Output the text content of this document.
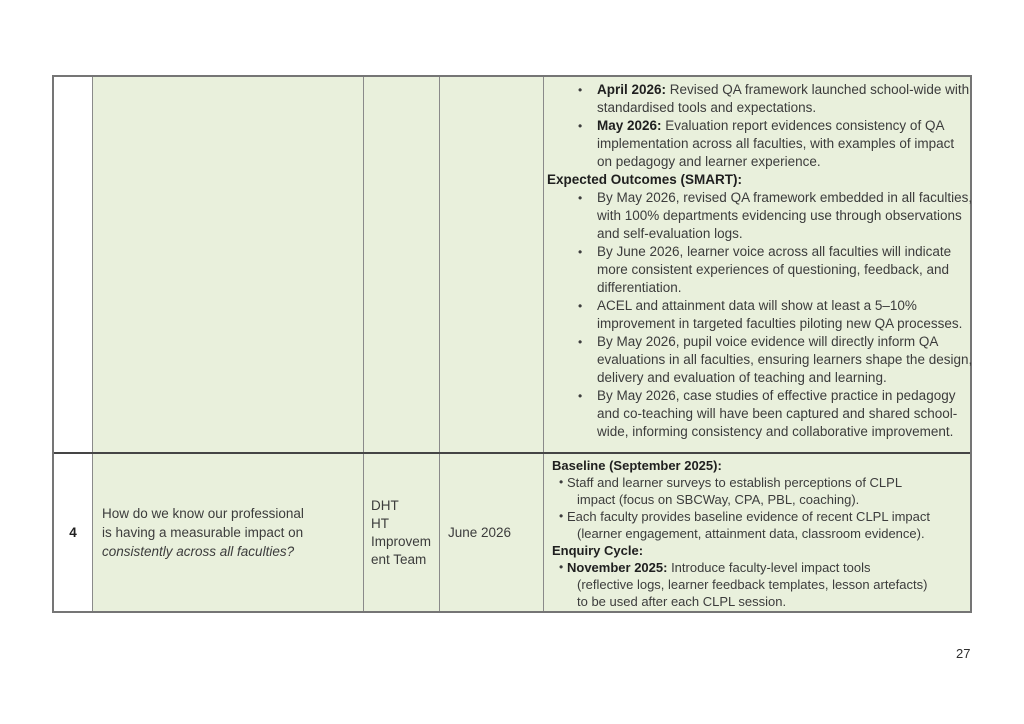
• April 2026: Revised QA framework launched school-wide with
standardised tools and expectations.
• May 2026: Evaluation report evidences consistency of QA
implementation across all faculties, with examples of impact
on pedagogy and learner experience.
Expected Outcomes (SMART):
• By May 2026, revised QA framework embedded in all faculties,
with 100% departments evidencing use through observations
and self-evaluation logs.
• By June 2026, learner voice across all faculties will indicate
more consistent experiences of questioning, feedback, and
differentiation.
• ACEL and attainment data will show at least a 5–10%
improvement in targeted faculties piloting new QA processes.
• By May 2026, pupil voice evidence will directly inform QA
evaluations in all faculties, ensuring learners shape the design,
delivery and evaluation of teaching and learning.
• By May 2026, case studies of effective practice in pedagogy
and co-teaching will have been captured and shared school-
wide, informing consistency and collaborative improvement.
4
How do we know our professional
is having a measurable impact on
consistently across all faculties?
DHT
HT
Improvem
ent Team
June 2026
Baseline (September 2025):
• Staff and learner surveys to establish perceptions of CLPL
impact (focus on SBCWay, CPA, PBL, coaching).
• Each faculty provides baseline evidence of recent CLPL impact
(learner engagement, attainment data, classroom evidence).
Enquiry Cycle:
• November 2025: Introduce faculty-level impact tools
(reflective logs, learner feedback templates, lesson artefacts)
to be used after each CLPL session.
27
